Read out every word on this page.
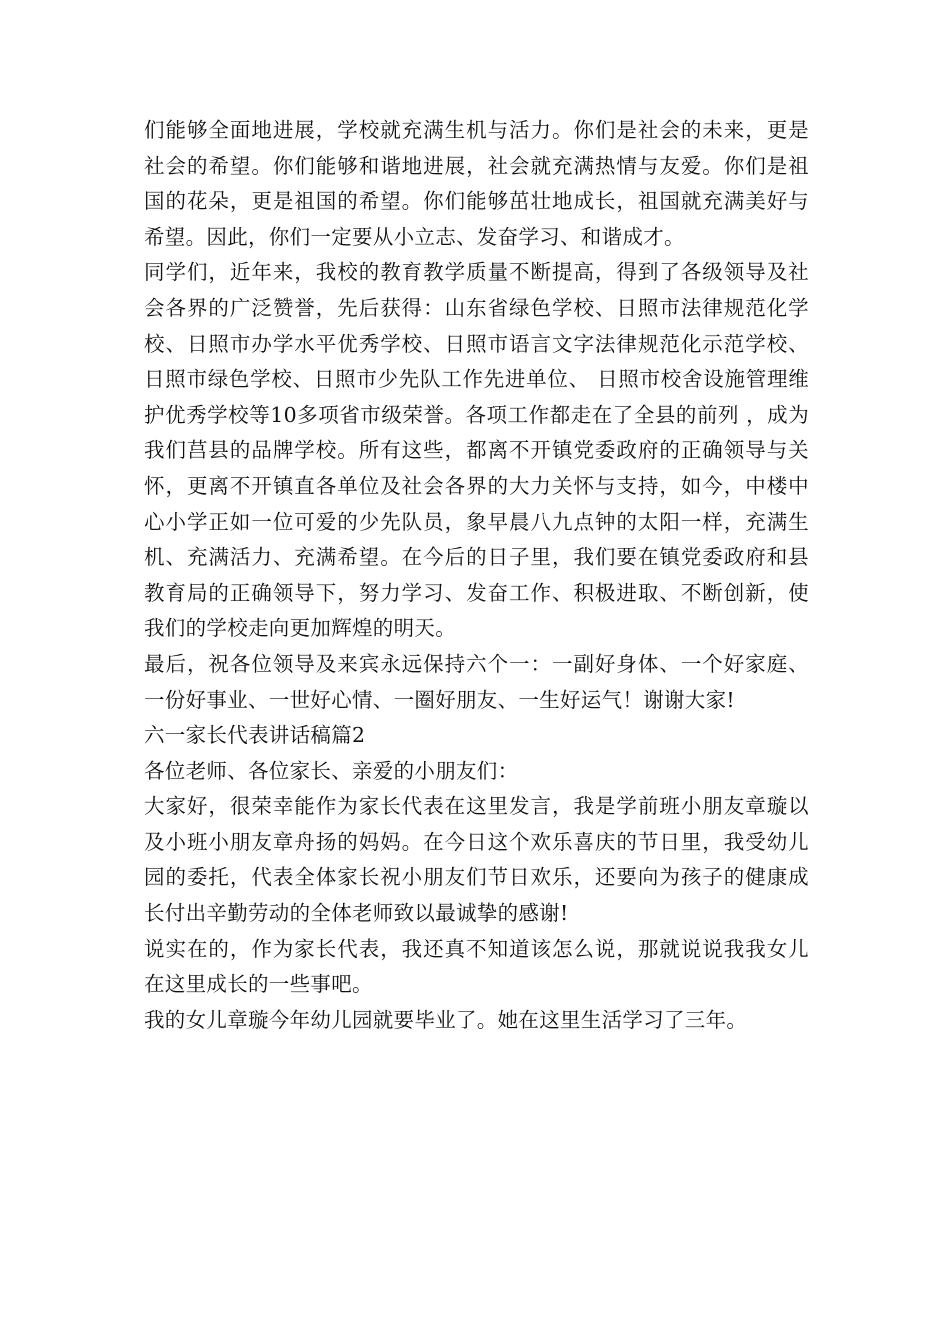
们能够全面地进展，学校就充满生机与活力。你们是社会的未来，更是社会的希望。你们能够和谐地进展，社会就充满热情与友爱。你们是祖国的花朵，更是祖国的希望。你们能够茁壮地成长，祖国就充满美好与希望。因此，你们一定要从小立志、发奋学习、和谐成才。

同学们，近年来，我校的教育教学质量不断提高，得到了各级领导及社会各界的广泛赞誉，先后获得：山东省绿色学校、日照市法律规范化学校、日照市办学水平优秀学校、日照市语言文字法律规范化示范学校、日照市绿色学校、日照市少先队工作先进单位、 日照市校舍设施管理维护优秀学校等10多项省市级荣誉。各项工作都走在了全县的前列 ，成为我们莒县的品牌学校。所有这些，都离不开镇党委政府的正确领导与关怀，更离不开镇直各单位及社会各界的大力关怀与支持，如今，中楼中心小学正如一位可爱的少先队员，象早晨八九点钟的太阳一样，充满生机、充满活力、充满希望。在今后的日子里，我们要在镇党委政府和县教育局的正确领导下，努力学习、发奋工作、积极进取、不断创新，使我们的学校走向更加辉煌的明天。

最后，祝各位领导及来宾永远保持六个一：一副好身体、一个好家庭、一份好事业、一世好心情、一圈好朋友、一生好运气！谢谢大家!

六一家长代表讲话稿篇2

各位老师、各位家长、亲爱的小朋友们：

大家好，很荣幸能作为家长代表在这里发言，我是学前班小朋友章璇以及小班小朋友章舟扬的妈妈。在今日这个欢乐喜庆的节日里，我受幼儿园的委托，代表全体家长祝小朋友们节日欢乐，还要向为孩子的健康成长付出辛勤劳动的全体老师致以最诚挚的感谢!

说实在的，作为家长代表，我还真不知道该怎么说，那就说说我我女儿在这里成长的一些事吧。

我的女儿章璇今年幼儿园就要毕业了。她在这里生活学习了三年。
